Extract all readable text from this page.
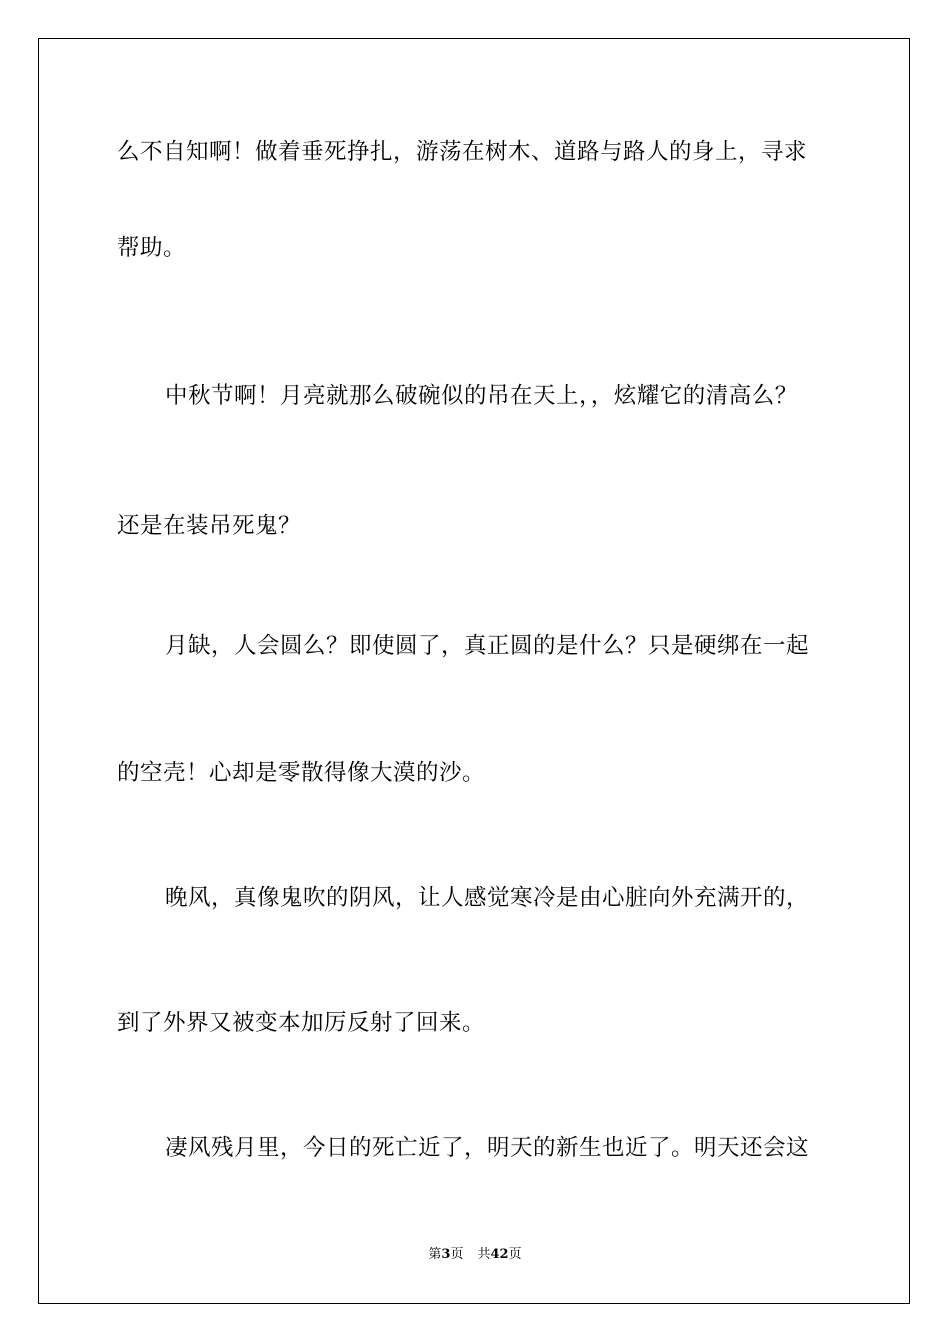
么不自知啊！做着垂死挣扎，游荡在树木、道路与路人的身上，寻求
帮助。
中秋节啊！月亮就那么破碗似的吊在天上，，炫耀它的清高么？
还是在装吊死鬼？
月缺，人会圆么？即使圆了，真正圆的是什么？只是硬绑在一起
的空壳！心却是零散得像大漠的沙。
晚风，真像鬼吹的阴风，让人感觉寒冷是由心脏向外充满开的，
到了外界又被变本加厉反射了回来。
凄风残月里，今日的死亡近了，明天的新生也近了。明天还会这
第3页 共42页
